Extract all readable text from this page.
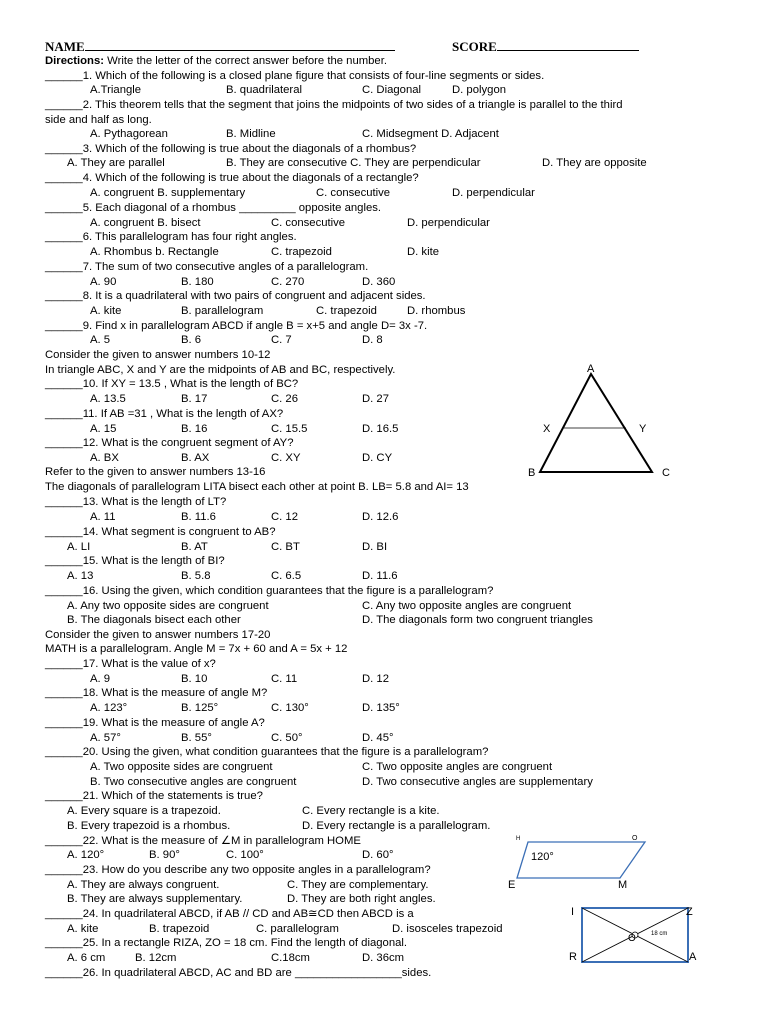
NAME	SCORE
Directions: Write the letter of the correct answer before the number.
______1. Which of the following is a closed plane figure that consists of four-line segments or sides.
A.Triangle	B. quadrilateral	C. Diagonal	D. polygon
______2. This theorem tells that the segment that joins the midpoints of two sides of a triangle is parallel to the third
side and half as long.
A. Pythagorean	B. Midline	C. Midsegment D. Adjacent
______3. Which of the following is true about the diagonals of a rhombus?
A. They are parallel	B. They are consecutive C. They are perpendicular	D. They are opposite
______4. Which of the following is true about the diagonals of a rectangle?
A. congruent B. supplementary	C. consecutive	D. perpendicular
______5. Each diagonal of a rhombus _________ opposite angles.
A. congruent B. bisect	C. consecutive	D. perpendicular
______6. This parallelogram has four right angles.
A. Rhombus b. Rectangle	C. trapezoid	D. kite
______7. The sum of two consecutive angles of a parallelogram.
A. 90	B. 180	C. 270	D. 360
______8. It is a quadrilateral with two pairs of congruent and adjacent sides.
A. kite	B. parallelogram	C. trapezoid	D. rhombus
______9. Find x in parallelogram ABCD if angle B = x+5 and angle D= 3x -7.
A. 5	B. 6	C. 7	D. 8
Consider the given to answer numbers 10-12
In triangle ABC, X and Y are the midpoints of AB and BC, respectively.
______10. If XY = 13.5 , What is the length of BC?
A. 13.5	B. 17	C. 26	D. 27
______11. If AB =31 , What is the length of AX?
A. 15	B. 16	C. 15.5	D. 16.5
______12. What is the congruent segment of AY?
A. BX	B. AX	C. XY	D. CY
A
B	C
X	Y
Refer to the given to answer numbers 13-16
The diagonals of parallelogram LITA bisect each other at point B. LB= 5.8 and AI= 13
______13. What is the length of LT?
A. 11	B. 11.6	C. 12	D. 12.6
______14. What segment is congruent to AB?
A. LI	B. AT	C. BT	D. BI
______15. What is the length of BI?
A. 13	B. 5.8	C. 6.5	D. 11.6
______16. Using the given, which condition guarantees that the figure is a parallelogram?
A. Any two opposite sides are congruent	C. Any two opposite angles are congruent
B. The diagonals bisect each other	D. The diagonals form two congruent triangles
Consider the given to answer numbers 17-20
MATH is a parallelogram. Angle M = 7x + 60 and A = 5x + 12
______17. What is the value of x?
A. 9	B. 10	C. 11	D. 12
______18. What is the measure of angle M?
A. 123°	B. 125°	C. 130°	D. 135°
______19. What is the measure of angle A?
A. 57°	B. 55°	C. 50°	D. 45°
______20. Using the given, what condition guarantees that the figure is a parallelogram?
A. Two opposite sides are congruent	C. Two opposite angles are congruent
B. Two consecutive angles are congruent	D. Two consecutive angles are supplementary
______21. Which of the statements is true?
A. Every square is a trapezoid.	C. Every rectangle is a kite.
B. Every trapezoid is a rhombus.	D. Every rectangle is a parallelogram.
______22. What is the measure of ∠M in parallelogram HOME
A. 120°	B. 90°	C. 100°	D. 60°
______23. How do you describe any two opposite angles in a parallelogram?
A. They are always congruent.	C. They are complementary.
B. They are always supplementary.	D. They are both right angles.
______24. In quadrilateral ABCD, if AB // CD and AB≅CD then ABCD is a
A. kite	B. trapezoid	C. parallelogram	D. isosceles trapezoid
______25. In a rectangle RIZA, ZO = 18 cm. Find the length of diagonal.
A. 6 cm	B. 12cm	C.18cm	D. 36cm
______26. In quadrilateral ABCD, AC and BD are _________________sides.
H	O
E	M
120°
I	Z
R	A
O	18 cm
